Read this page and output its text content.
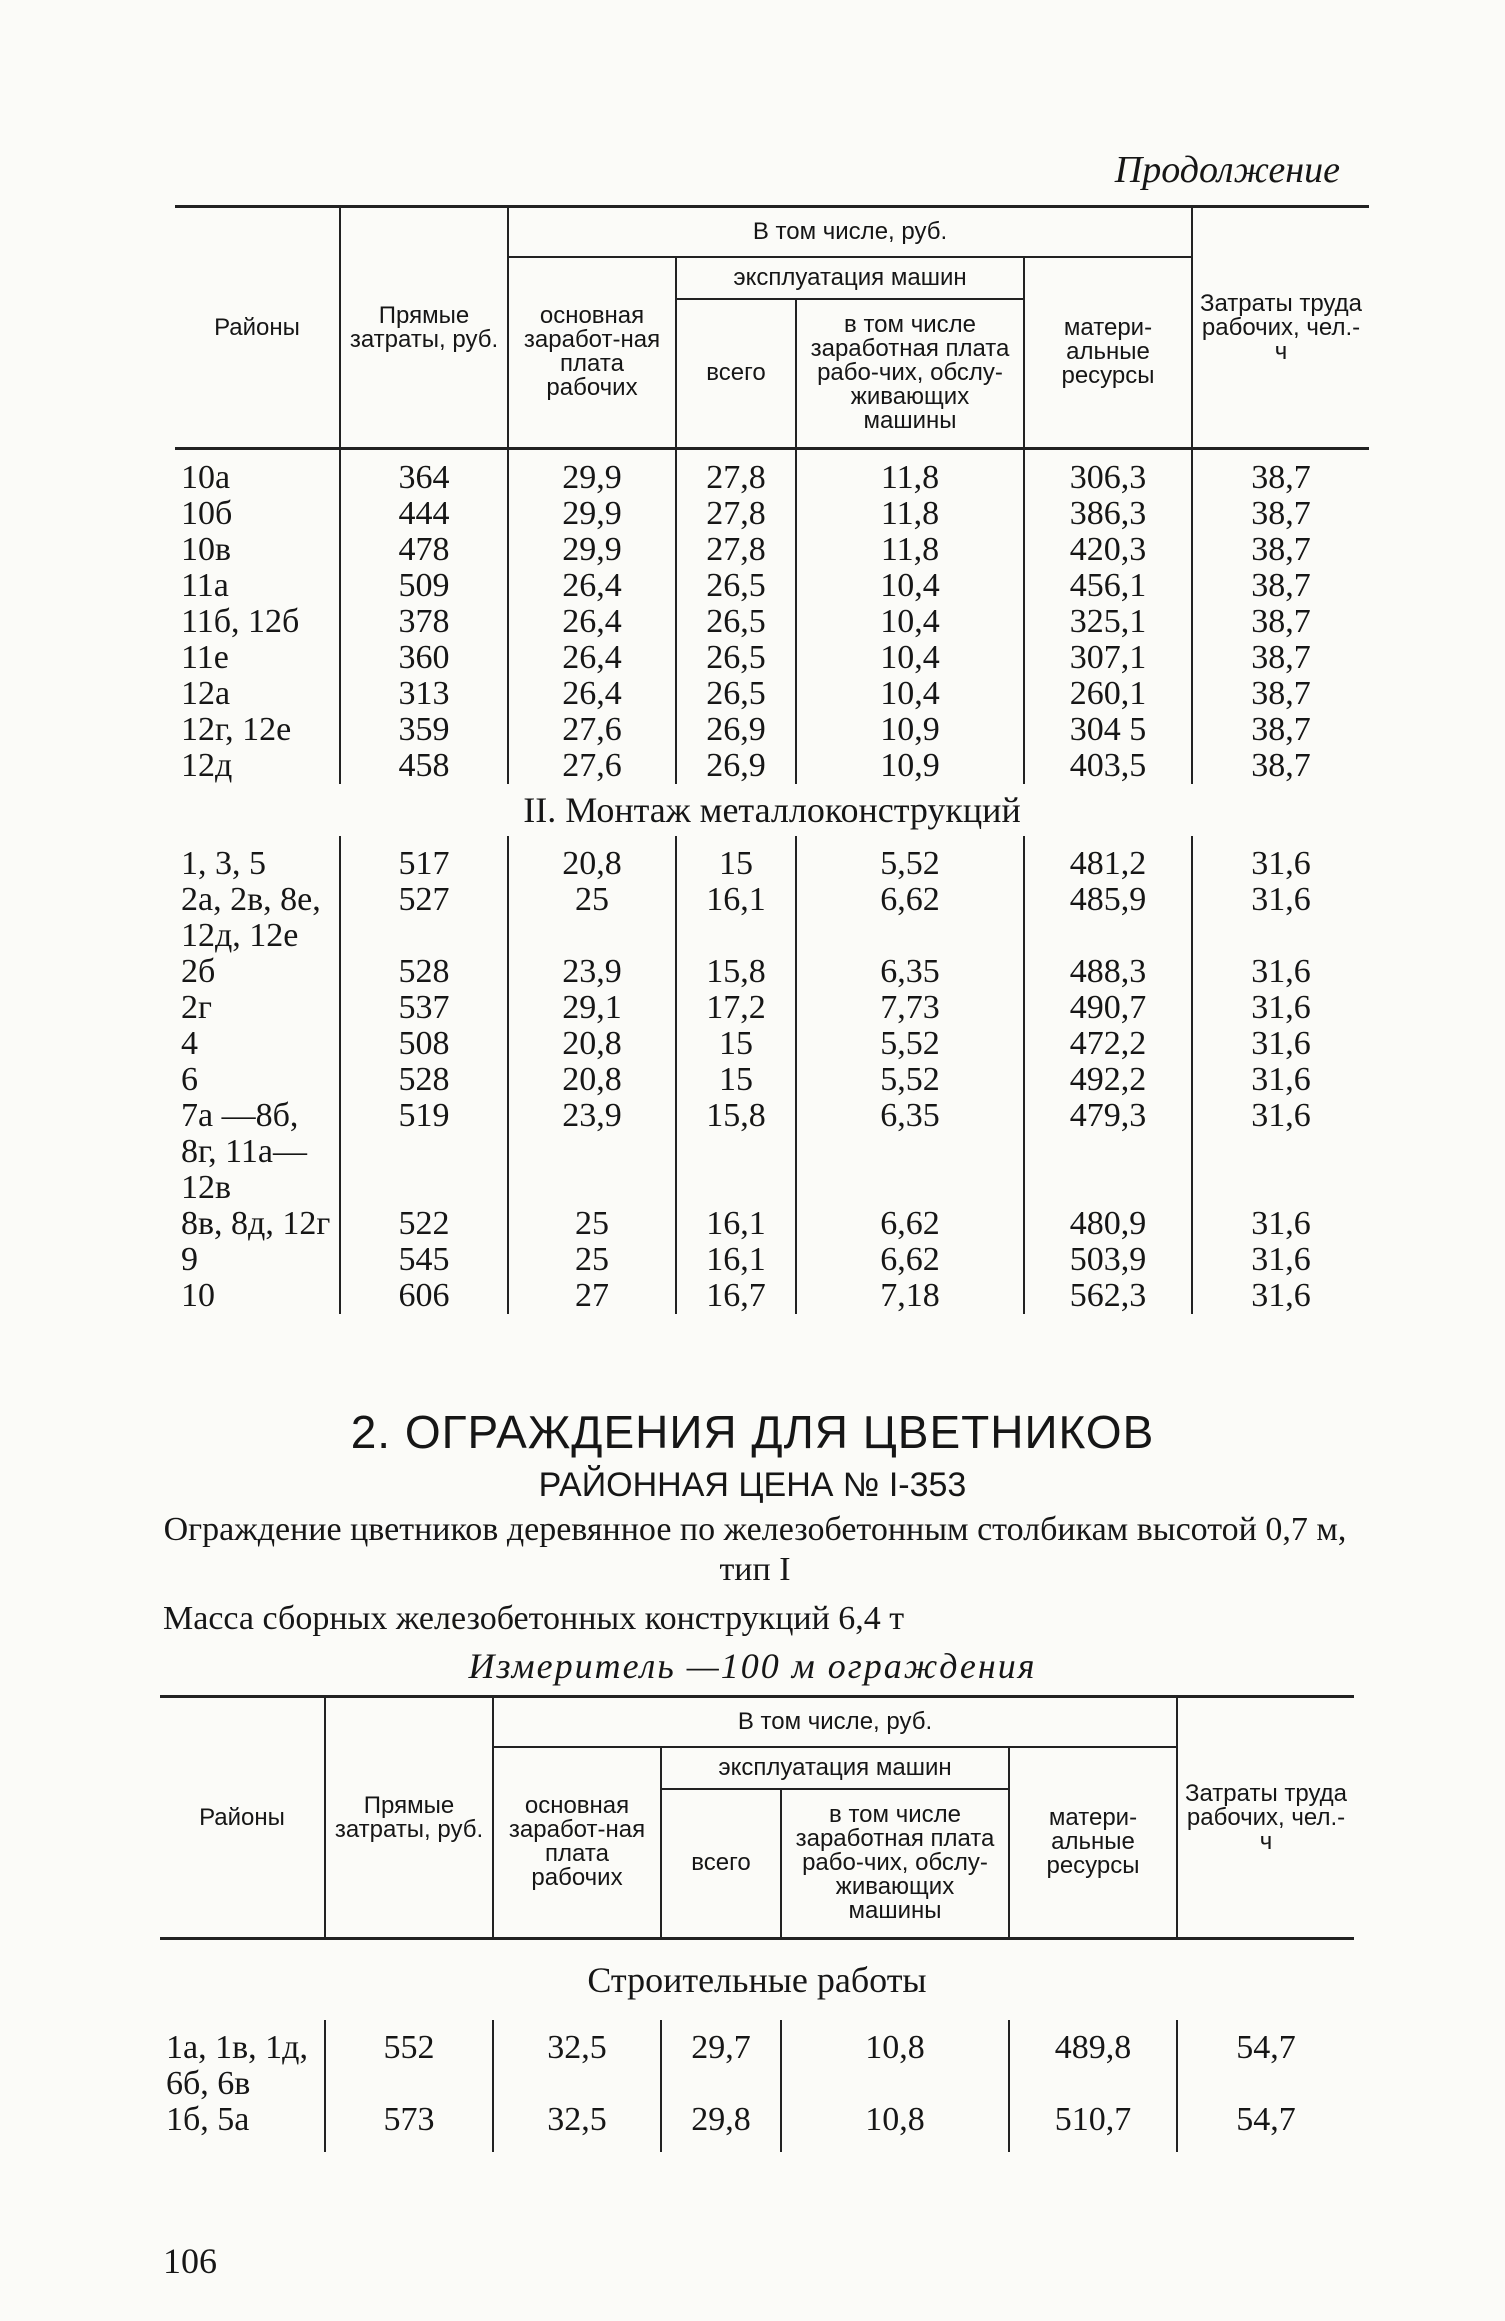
Продолжение
Районы	Прямые затраты, руб.	В том числе, руб.				Затраты труда рабочих, чел.-ч
		основная заработ-ная плата рабочих	эксплуатация машин		матери-альные ресурсы	
			всего	в том числе заработная плата рабо-чих, обслу-живающих машины		

10а	364	29,9	27,8	11,8	306,3	38,7
10б	444	29,9	27,8	11,8	386,3	38,7
10в	478	29,9	27,8	11,8	420,3	38,7
11а	509	26,4	26,5	10,4	456,1	38,7
11б, 12б	378	26,4	26,5	10,4	325,1	38,7
11е	360	26,4	26,5	10,4	307,1	38,7
12а	313	26,4	26,5	10,4	260,1	38,7
12г, 12е	359	27,6	26,9	10,9	304 5	38,7
12д	458	27,6	26,9	10,9	403,5	38,7
II. Монтаж металлоконструкций						

1, 3, 5	517	20,8	15	5,52	481,2	31,6
2а, 2в, 8е, 12д, 12е	527	25	16,1	6,62	485,9	31,6
2б	528	23,9	15,8	6,35	488,3	31,6
2г	537	29,1	17,2	7,73	490,7	31,6
4	508	20,8	15	5,52	472,2	31,6
6	528	20,8	15	5,52	492,2	31,6
7а —8б, 8г, 11а—12в	519	23,9	15,8	6,35	479,3	31,6
8в, 8д, 12г	522	25	16,1	6,62	480,9	31,6
9	545	25	16,1	6,62	503,9	31,6
10	606	27	16,7	7,18	562,3	31,6
2. ОГРАЖДЕНИЯ ДЛЯ ЦВЕТНИКОВ
РАЙОННАЯ ЦЕНА № I-353
Ограждение цветников деревянное по железобетонным столбикам высотой 0,7 м, тип I
Масса сборных железобетонных конструкций 6,4 т
Измеритель —100 м ограждения
Районы	Прямые затраты, руб.	В том числе, руб.				Затраты труда рабочих, чел.-ч
		основная заработ-ная плата рабочих	эксплуатация машин		матери-альные ресурсы	
			всего	в том числе заработная плата рабо-чих, обслу-живающих машины		
Строительные работы						

1а, 1в, 1д, 6б, 6в	552	32,5	29,7	10,8	489,8	54,7
1б, 5а	573	32,5	29,8	10,8	510,7	54,7
106
